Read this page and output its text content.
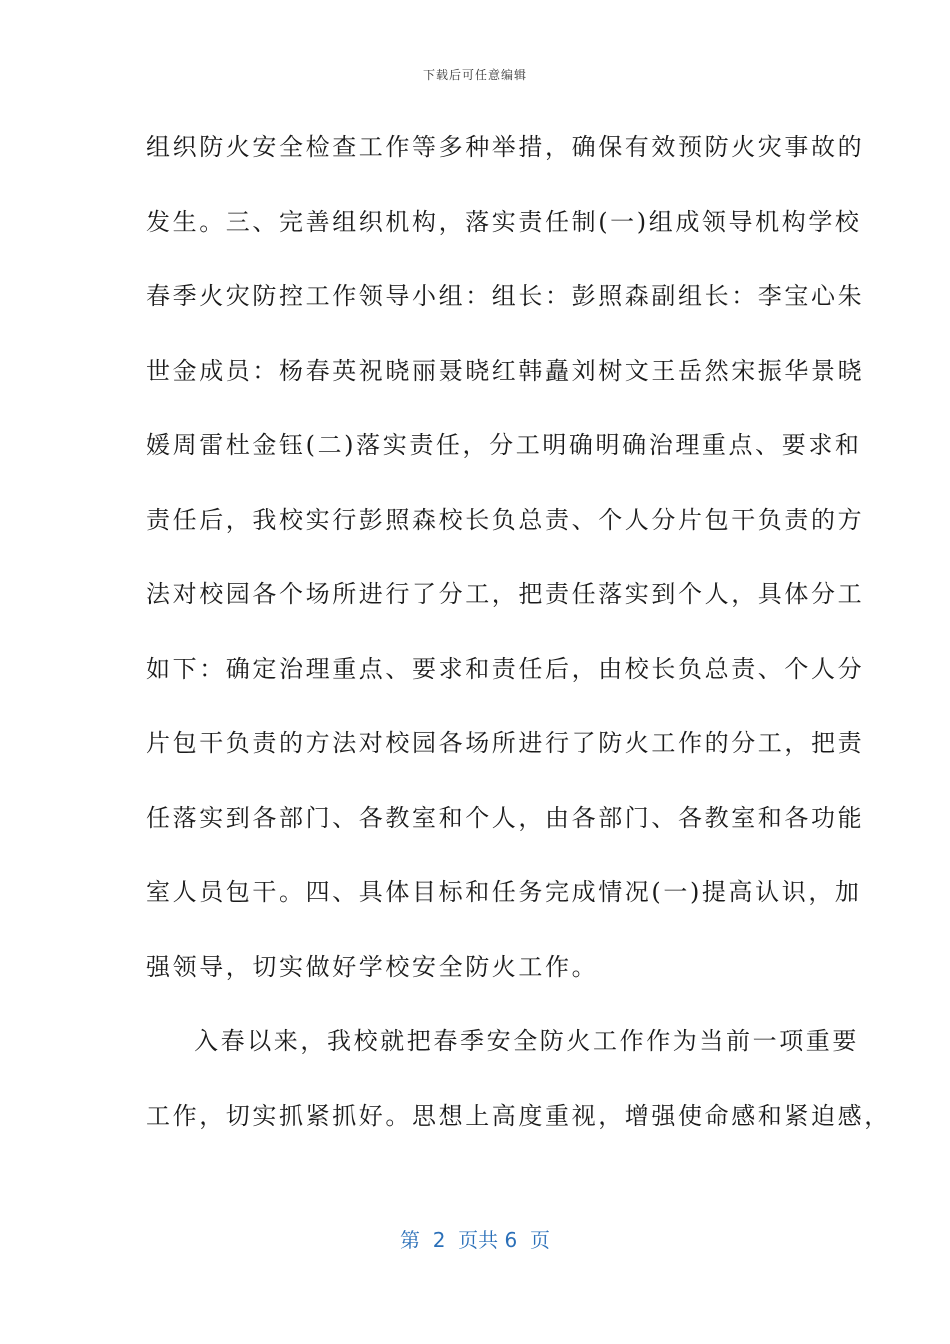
下载后可任意编辑
组织防火安全检查工作等多种举措，确保有效预防火灾事故的
发生。三、完善组织机构，落实责任制(一)组成领导机构学校
春季火灾防控工作领导小组：组长：彭照森副组长：李宝心朱
世金成员：杨春英祝晓丽聂晓红韩矗刘树文王岳然宋振华景晓
媛周雷杜金钰(二)落实责任，分工明确明确治理重点、要求和
责任后，我校实行彭照森校长负总责、个人分片包干负责的方
法对校园各个场所进行了分工，把责任落实到个人，具体分工
如下：确定治理重点、要求和责任后，由校长负总责、个人分
片包干负责的方法对校园各场所进行了防火工作的分工，把责
任落实到各部门、各教室和个人，由各部门、各教室和各功能
室人员包干。四、具体目标和任务完成情况(一)提高认识，加
强领导，切实做好学校安全防火工作。
入春以来，我校就把春季安全防火工作作为当前一项重要
工作，切实抓紧抓好。思想上高度重视，增强使命感和紧迫感，
第  2  页共 6  页
